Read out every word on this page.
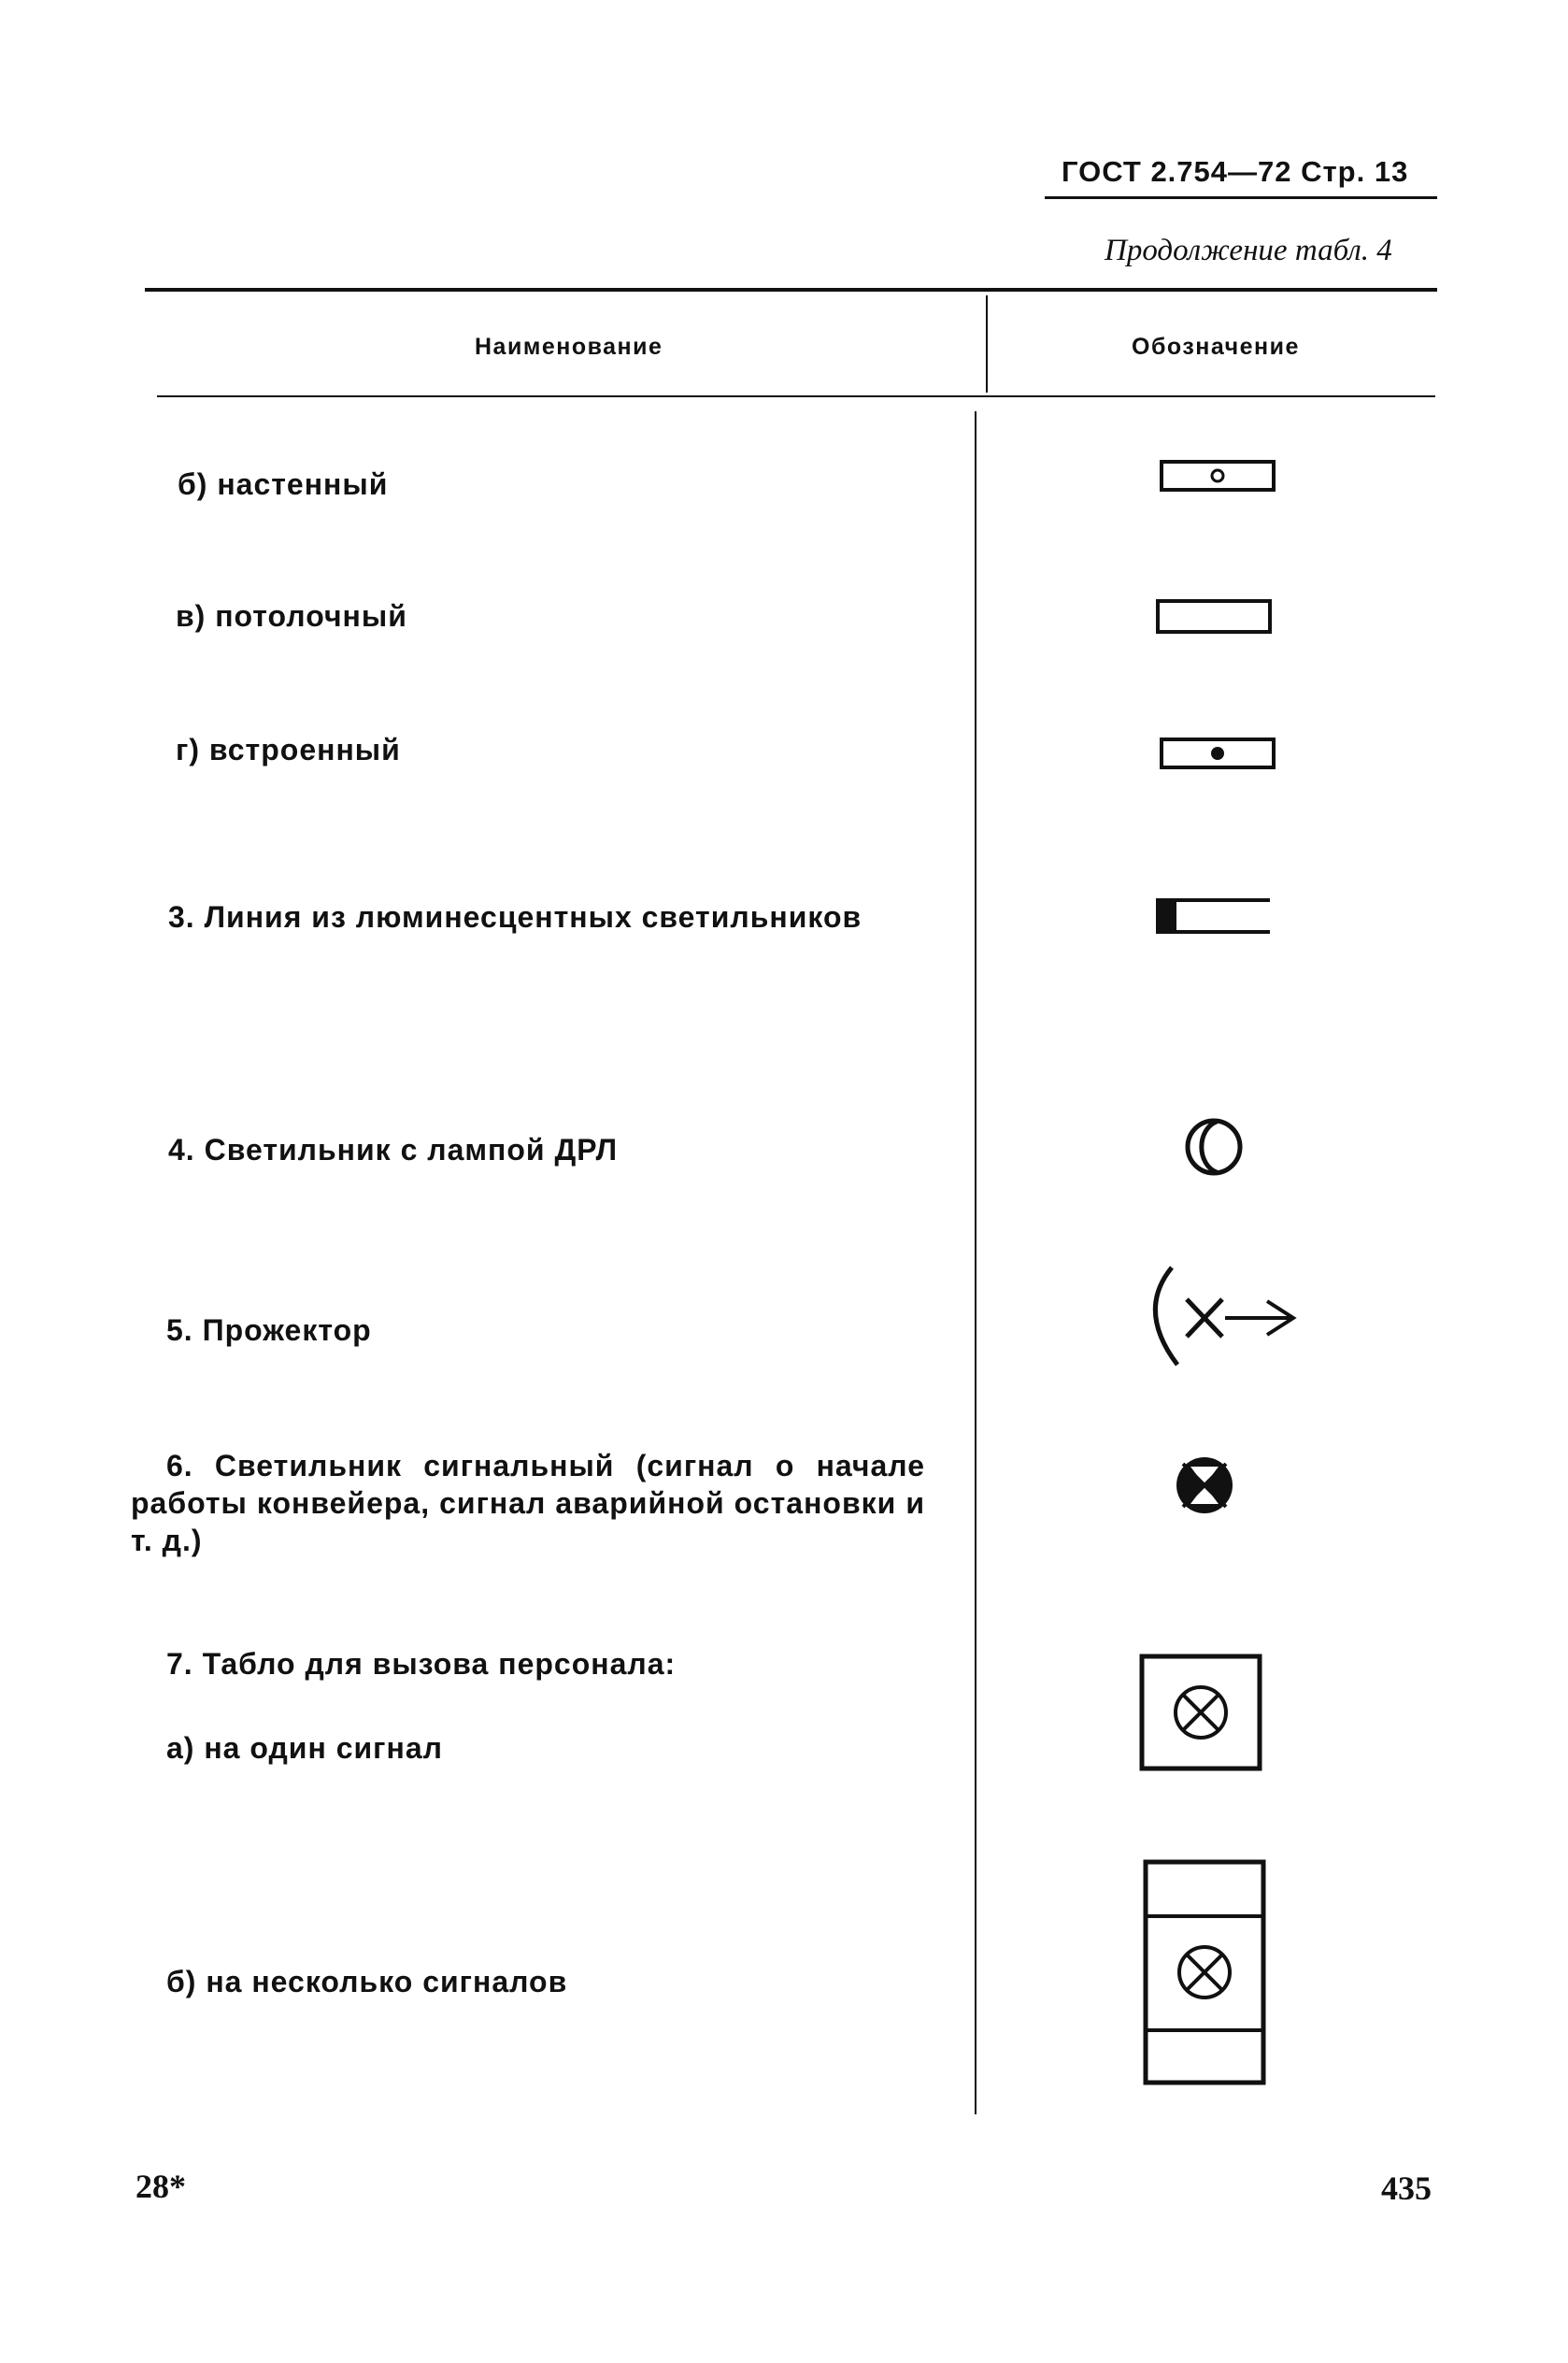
ГОСТ 2.754—72 Стр. 13
Продолжение табл. 4
Наименование	Обозначение
б) настенный
в) потолочный
г) встроенный
3. Линия из люминесцентных светильников
4. Светильник с лампой ДРЛ
5. Прожектор
6. Светильник сигнальный (сигнал о начале работы конвейера, сигнал аварийной остановки и т. д.)
7. Табло для вызова персонала:
а) на один сигнал
б) на несколько сигналов
28*	435
